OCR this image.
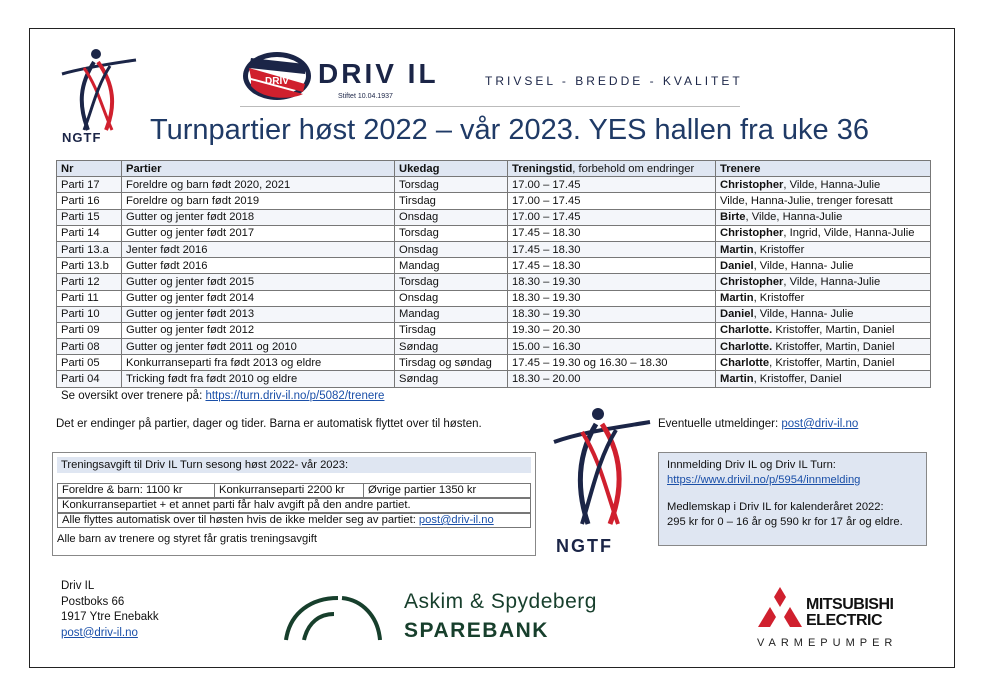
NGTF
DRIV DRIV IL
Stiftet 10.04.1937
TRIVSEL - BREDDE - KVALITET
Turnpartier høst 2022 – vår 2023. YES hallen fra uke 36
Nr	Partier	Ukedag	Treningstid, forbehold om endringer	Trenere
Parti 17	Foreldre og barn født 2020, 2021	Torsdag	17.00 – 17.45	Christopher, Vilde, Hanna-Julie
Parti 16	Foreldre og barn født 2019	Tirsdag	17.00 – 17.45	Vilde, Hanna-Julie, trenger foresatt
Parti 15	Gutter og jenter født 2018	Onsdag	17.00 – 17.45	Birte, Vilde, Hanna-Julie
Parti 14	Gutter og jenter født 2017	Torsdag	17.45 – 18.30	Christopher, Ingrid, Vilde, Hanna-Julie
Parti 13.a	Jenter født 2016	Onsdag	17.45 – 18.30	Martin, Kristoffer
Parti 13.b	Gutter født 2016	Mandag	17.45 – 18.30	Daniel, Vilde, Hanna- Julie
Parti 12	Gutter og jenter født 2015	Torsdag	18.30 – 19.30	Christopher, Vilde, Hanna-Julie
Parti 11	Gutter og jenter født 2014	Onsdag	18.30 – 19.30	Martin, Kristoffer
Parti 10	Gutter og jenter født 2013	Mandag	18.30 – 19.30	Daniel, Vilde, Hanna- Julie
Parti 09	Gutter og jenter født 2012	Tirsdag	19.30 – 20.30	Charlotte. Kristoffer, Martin, Daniel
Parti 08	Gutter og jenter født 2011 og 2010	Søndag	15.00 – 16.30	Charlotte. Kristoffer, Martin, Daniel
Parti 05	Konkurranseparti fra født 2013 og eldre	Tirsdag og søndag	17.45 – 19.30 og 16.30 – 18.30	Charlotte, Kristoffer, Martin, Daniel
Parti 04	Tricking født fra født 2010 og eldre	Søndag	18.30 – 20.00	Martin, Kristoffer, Daniel
Se oversikt over trenere på: https://turn.driv-il.no/p/5082/trenere
Det er endinger på partier, dager og tider. Barna er automatisk flyttet over til høsten.	Eventuelle utmeldinger: post@driv-il.no
NGTF
Treningsavgift til Driv IL Turn sesong høst 2022- vår 2023:
Foreldre & barn: 1100 kr	Konkurranseparti 2200 kr	Øvrige partier 1350 kr
Konkurransepartiet + et annet parti får halv avgift på den andre partiet.
Alle flyttes automatisk over til høsten hvis de ikke melder seg av partiet: post@driv-il.no
Alle barn av trenere og styret får gratis treningsavgift
Innmelding Driv IL og Driv IL Turn:
https://www.drivil.no/p/5954/innmelding
Medlemskap i Driv IL for kalenderåret 2022:
295 kr for 0 – 16 år og 590 kr for 17 år og eldre.
Driv IL
Postboks 66
1917 Ytre Enebakk
post@driv-il.no
Askim & Spydeberg
SPAREBANK
MITSUBISHI
ELECTRIC
VARMEPUMPER
